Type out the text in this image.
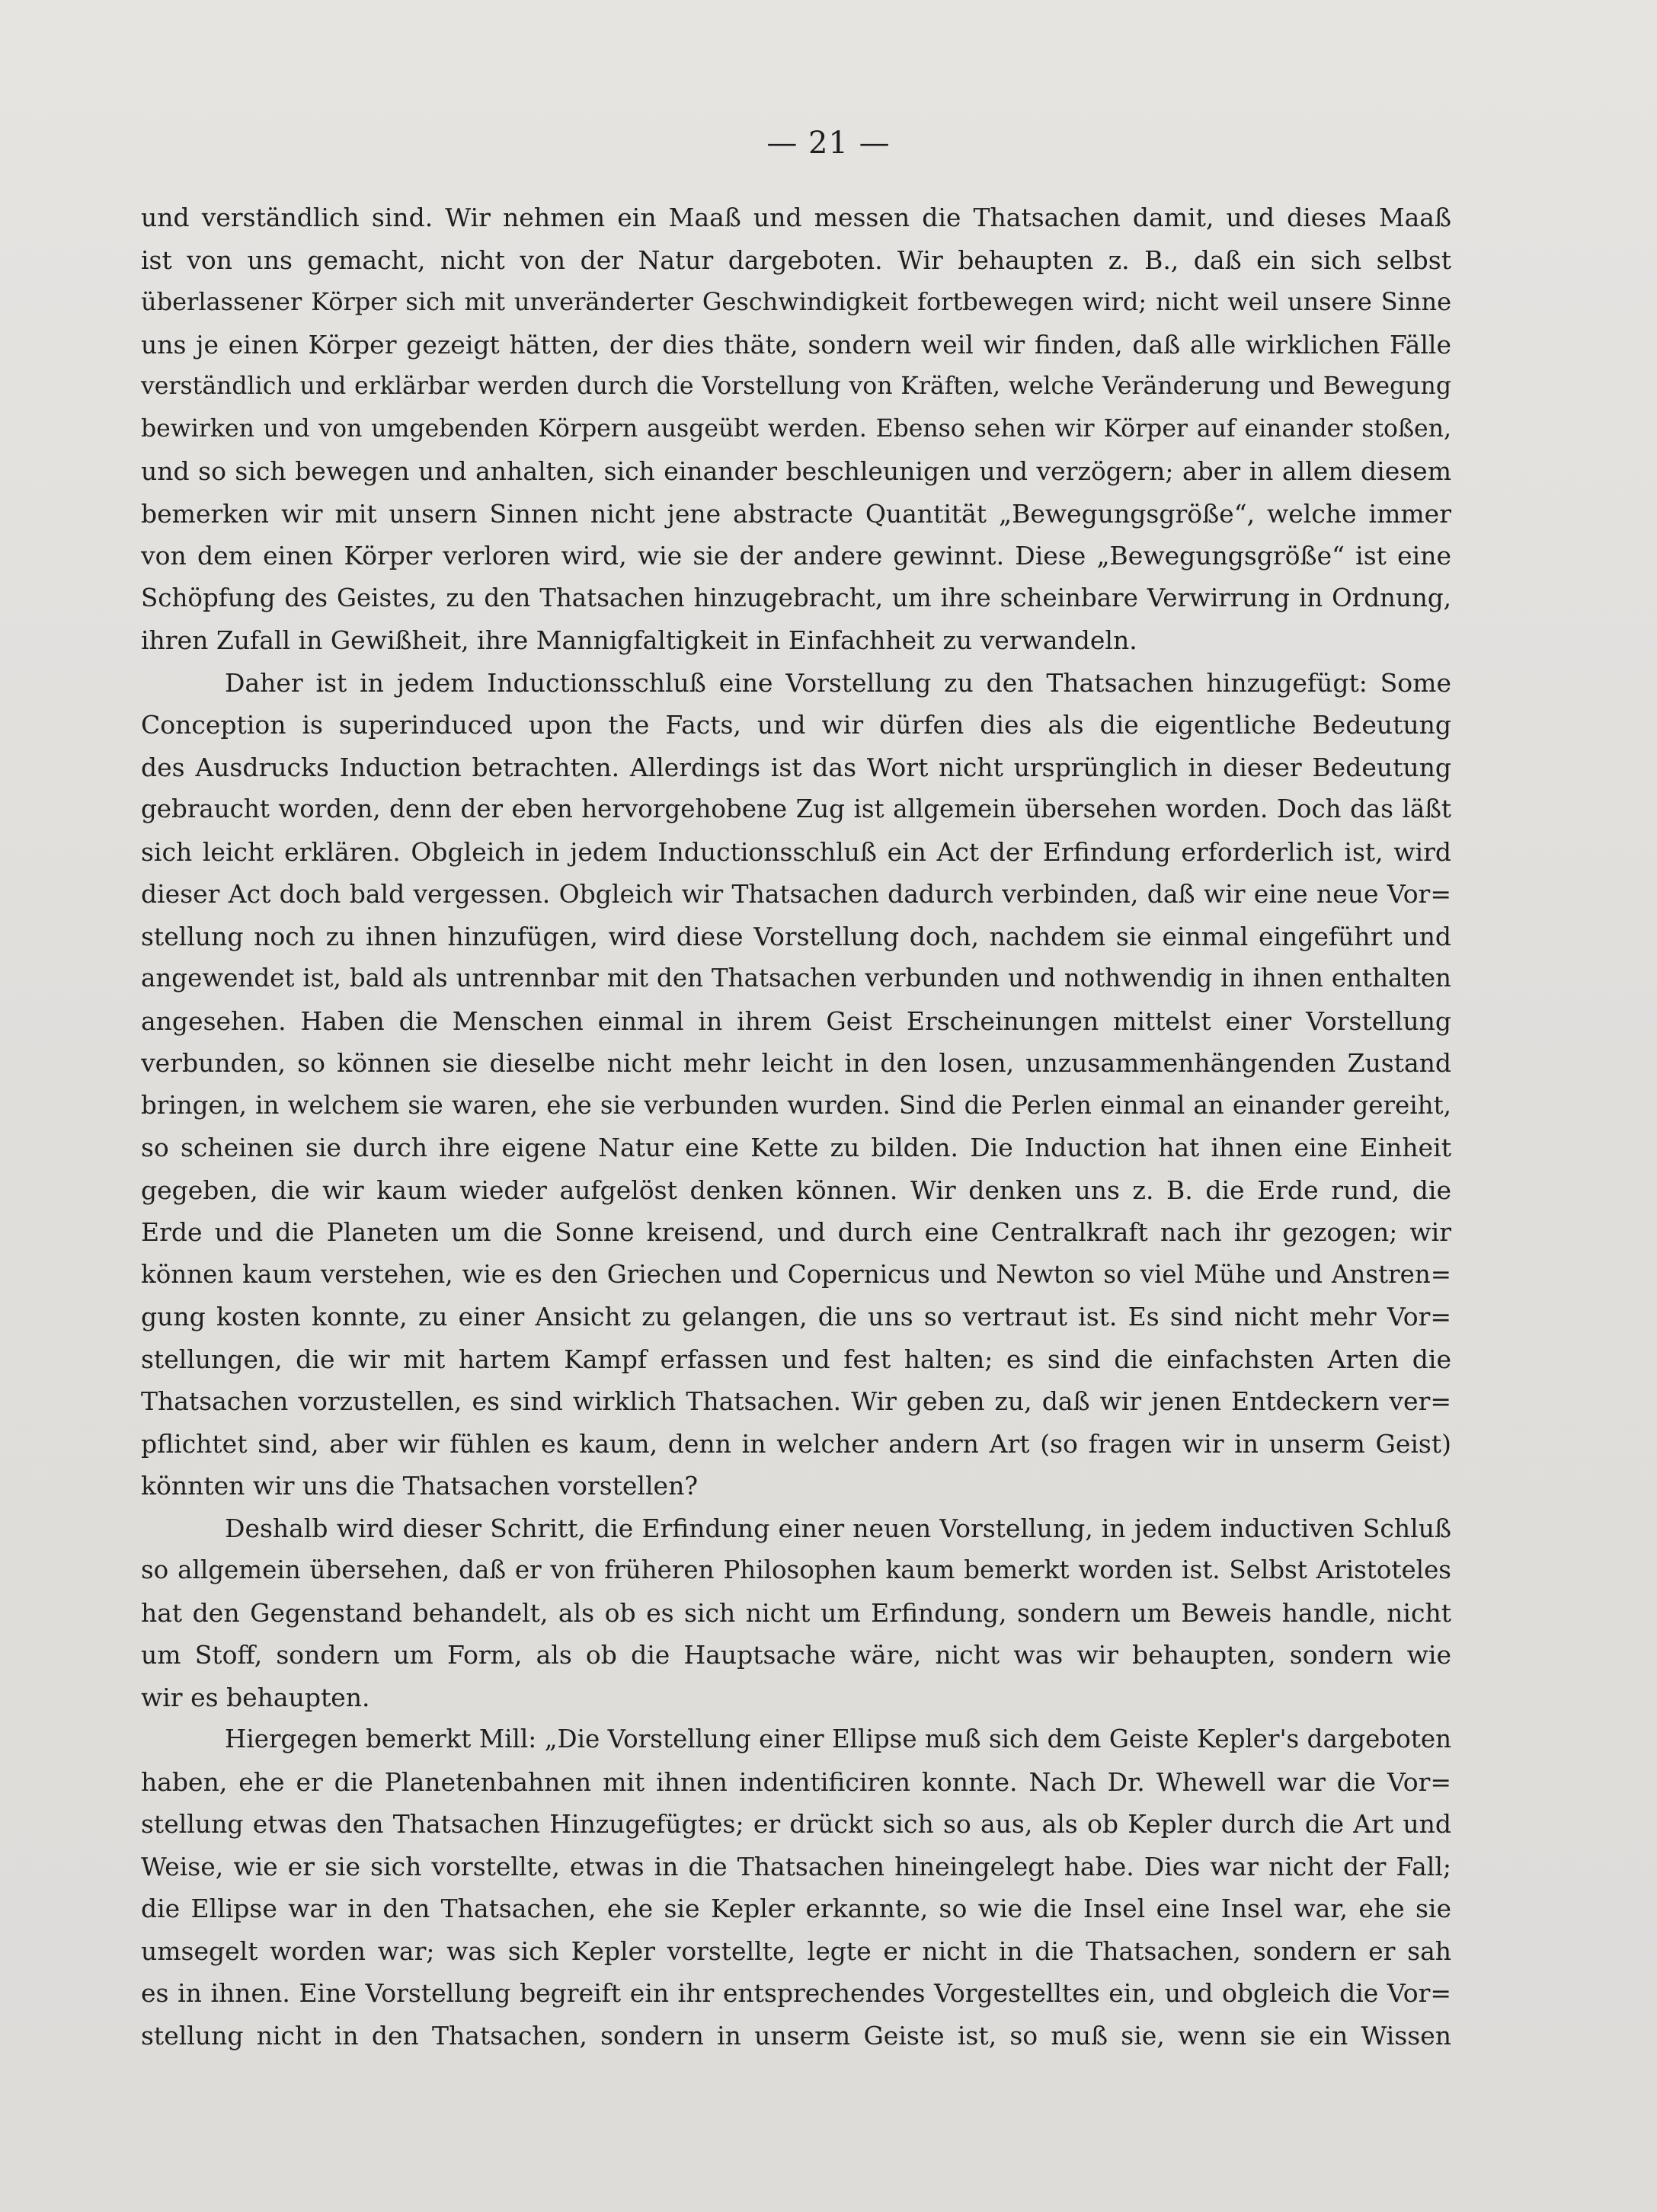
— 21 —
und verständlich sind. Wir nehmen ein Maaß und messen die Thatsachen damit, und dieses Maaß
ist von uns gemacht, nicht von der Natur dargeboten. Wir behaupten z. B., daß ein sich selbst
überlassener Körper sich mit unveränderter Geschwindigkeit fortbewegen wird; nicht weil unsere Sinne
uns je einen Körper gezeigt hätten, der dies thäte, sondern weil wir finden, daß alle wirklichen Fälle
verständlich und erklärbar werden durch die Vorstellung von Kräften, welche Veränderung und Bewegung
bewirken und von umgebenden Körpern ausgeübt werden. Ebenso sehen wir Körper auf einander stoßen,
und so sich bewegen und anhalten, sich einander beschleunigen und verzögern; aber in allem diesem
bemerken wir mit unsern Sinnen nicht jene abstracte Quantität „Bewegungsgröße“, welche immer
von dem einen Körper verloren wird, wie sie der andere gewinnt. Diese „Bewegungsgröße“ ist eine
Schöpfung des Geistes, zu den Thatsachen hinzugebracht, um ihre scheinbare Verwirrung in Ordnung,
ihren Zufall in Gewißheit, ihre Mannigfaltigkeit in Einfachheit zu verwandeln.
Daher ist in jedem Inductionsschluß eine Vorstellung zu den Thatsachen hinzugefügt: Some
Conception is superinduced upon the Facts, und wir dürfen dies als die eigentliche Bedeutung
des Ausdrucks Induction betrachten. Allerdings ist das Wort nicht ursprünglich in dieser Bedeutung
gebraucht worden, denn der eben hervorgehobene Zug ist allgemein übersehen worden. Doch das läßt
sich leicht erklären. Obgleich in jedem Inductionsschluß ein Act der Erfindung erforderlich ist, wird
dieser Act doch bald vergessen. Obgleich wir Thatsachen dadurch verbinden, daß wir eine neue Vor=
stellung noch zu ihnen hinzufügen, wird diese Vorstellung doch, nachdem sie einmal eingeführt und
angewendet ist, bald als untrennbar mit den Thatsachen verbunden und nothwendig in ihnen enthalten
angesehen. Haben die Menschen einmal in ihrem Geist Erscheinungen mittelst einer Vorstellung
verbunden, so können sie dieselbe nicht mehr leicht in den losen, unzusammenhängenden Zustand
bringen, in welchem sie waren, ehe sie verbunden wurden. Sind die Perlen einmal an einander gereiht,
so scheinen sie durch ihre eigene Natur eine Kette zu bilden. Die Induction hat ihnen eine Einheit
gegeben, die wir kaum wieder aufgelöst denken können. Wir denken uns z. B. die Erde rund, die
Erde und die Planeten um die Sonne kreisend, und durch eine Centralkraft nach ihr gezogen; wir
können kaum verstehen, wie es den Griechen und Copernicus und Newton so viel Mühe und Anstren=
gung kosten konnte, zu einer Ansicht zu gelangen, die uns so vertraut ist. Es sind nicht mehr Vor=
stellungen, die wir mit hartem Kampf erfassen und fest halten; es sind die einfachsten Arten die
Thatsachen vorzustellen, es sind wirklich Thatsachen. Wir geben zu, daß wir jenen Entdeckern ver=
pflichtet sind, aber wir fühlen es kaum, denn in welcher andern Art (so fragen wir in unserm Geist)
könnten wir uns die Thatsachen vorstellen?
Deshalb wird dieser Schritt, die Erfindung einer neuen Vorstellung, in jedem inductiven Schluß
so allgemein übersehen, daß er von früheren Philosophen kaum bemerkt worden ist. Selbst Aristoteles
hat den Gegenstand behandelt, als ob es sich nicht um Erfindung, sondern um Beweis handle, nicht
um Stoff, sondern um Form, als ob die Hauptsache wäre, nicht was wir behaupten, sondern wie
wir es behaupten.
Hiergegen bemerkt Mill: „Die Vorstellung einer Ellipse muß sich dem Geiste Kepler's dargeboten
haben, ehe er die Planetenbahnen mit ihnen indentificiren konnte. Nach Dr. Whewell war die Vor=
stellung etwas den Thatsachen Hinzugefügtes; er drückt sich so aus, als ob Kepler durch die Art und
Weise, wie er sie sich vorstellte, etwas in die Thatsachen hineingelegt habe. Dies war nicht der Fall;
die Ellipse war in den Thatsachen, ehe sie Kepler erkannte, so wie die Insel eine Insel war, ehe sie
umsegelt worden war; was sich Kepler vorstellte, legte er nicht in die Thatsachen, sondern er sah
es in ihnen. Eine Vorstellung begreift ein ihr entsprechendes Vorgestelltes ein, und obgleich die Vor=
stellung nicht in den Thatsachen, sondern in unserm Geiste ist, so muß sie, wenn sie ein Wissen
